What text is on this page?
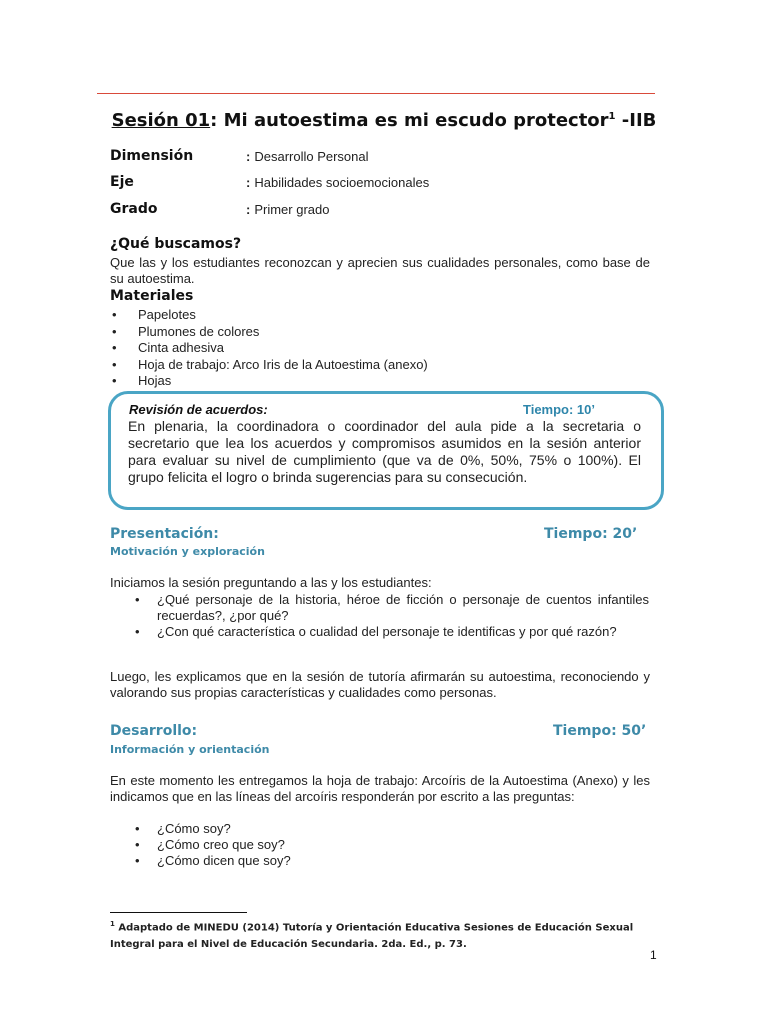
Sesión 01: Mi autoestima es mi escudo protector$^1$ -IIB
Dimensión	: Desarrollo Personal
Eje	: Habilidades socioemocionales
Grado	: Primer grado
¿Qué buscamos?
Que las y los estudiantes reconozcan y aprecien sus cualidades personales, como base de su autoestima.
Materiales
• Papelotes
• Plumones de colores
• Cinta adhesiva
• Hoja de trabajo: Arco Iris de la Autoestima (anexo)
• Hojas
Revisión de acuerdos:	Tiempo: 10’
En plenaria, la coordinadora o coordinador del aula pide a la secretaria o secretario que lea los acuerdos y compromisos asumidos en la sesión anterior para evaluar su nivel de cumplimiento (que va de 0%, 50%, 75% o 100%). El grupo felicita el logro o brinda sugerencias para su consecución.
Presentación:	Tiempo: 20’
Motivación y exploración
Iniciamos la sesión preguntando a las y los estudiantes:
• ¿Qué personaje de la historia, héroe de ficción o personaje de cuentos infantiles recuerdas?, ¿por qué?
• ¿Con qué característica o cualidad del personaje te identificas y por qué razón?
Luego, les explicamos que en la sesión de tutoría afirmarán su autoestima, reconociendo y valorando sus propias características y cualidades como personas.
Desarrollo:	Tiempo: 50’
Información y orientación
En este momento les entregamos la hoja de trabajo: Arcoíris de la Autoestima (Anexo) y les indicamos que en las líneas del arcoíris responderán por escrito a las preguntas:
• ¿Cómo soy?
• ¿Cómo creo que soy?
• ¿Cómo dicen que soy?
$^1$ Adaptado de MINEDU (2014) Tutoría y Orientación Educativa Sesiones de Educación Sexual Integral para el Nivel de Educación Secundaria. 2da. Ed., p. 73.
1
